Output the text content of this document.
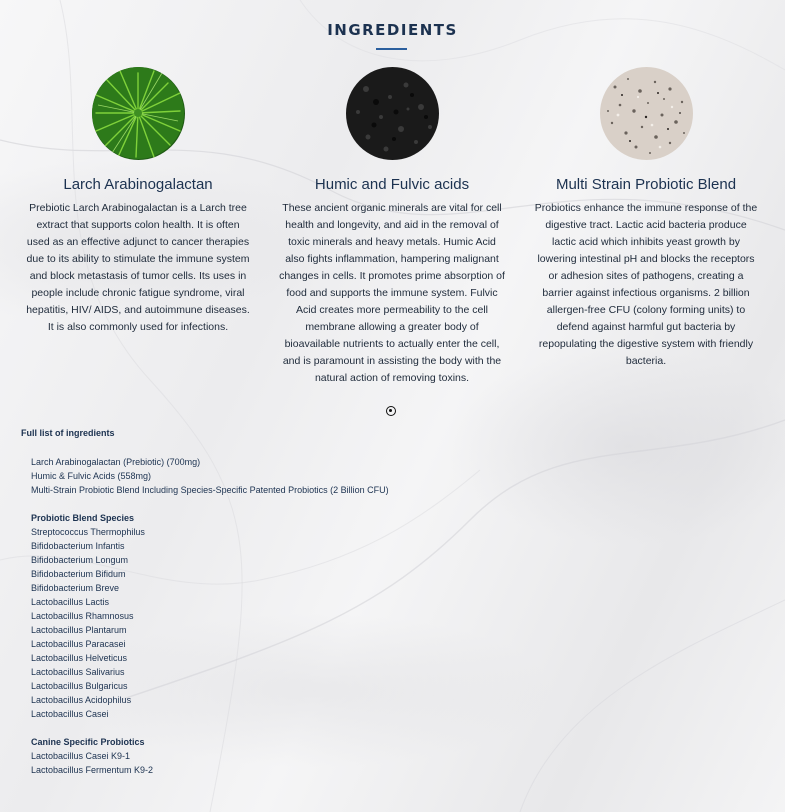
INGREDIENTS
Larch Arabinogalactan

Prebiotic Larch Arabinogalactan is a Larch tree extract that supports colon health. It is often used as an effective adjunct to cancer therapies due to its ability to stimulate the immune system and block metastasis of tumor cells. Its uses in people include chronic fatigue syndrome, viral hepatitis, HIV/ AIDS, and autoimmune diseases. It is also commonly used for infections.

Humic and Fulvic acids

These ancient organic minerals are vital for cell health and longevity, and aid in the removal of toxic minerals and heavy metals. Humic Acid also fights inflammation, hampering malignant changes in cells. It promotes prime absorption of food and supports the immune system. Fulvic Acid creates more permeability to the cell membrane allowing a greater body of bioavailable nutrients to actually enter the cell, and is paramount in assisting the body with the natural action of removing toxins.

Multi Strain Probiotic Blend

Probiotics enhance the immune response of the digestive tract. Lactic acid bacteria produce lactic acid which inhibits yeast growth by lowering intestinal pH and blocks the receptors or adhesion sites of pathogens, creating a barrier against infectious organisms. 2 billion allergen-free CFU (colony forming units) to defend against harmful gut bacteria by repopulating the digestive system with friendly bacteria.

Full list of ingredients
Larch Arabinogalactan (Prebiotic) (700mg)
Humic & Fulvic Acids (558mg)
Multi-Strain Probiotic Blend Including Species-Specific Patented Probiotics (2 Billion CFU)
Probiotic Blend Species
Streptococcus Thermophilus
Bifidobacterium Infantis
Bifidobacterium Longum
Bifidobacterium Bifidum
Bifidobacterium Breve
Lactobacillus Lactis
Lactobacillus Rhamnosus
Lactobacillus Plantarum
Lactobacillus Paracasei
Lactobacillus Helveticus
Lactobacillus Salivarius
Lactobacillus Bulgaricus
Lactobacillus Acidophilus
Lactobacillus Casei
Canine Specific Probiotics
Lactobacillus Casei K9-1
Lactobacillus Fermentum K9-2
